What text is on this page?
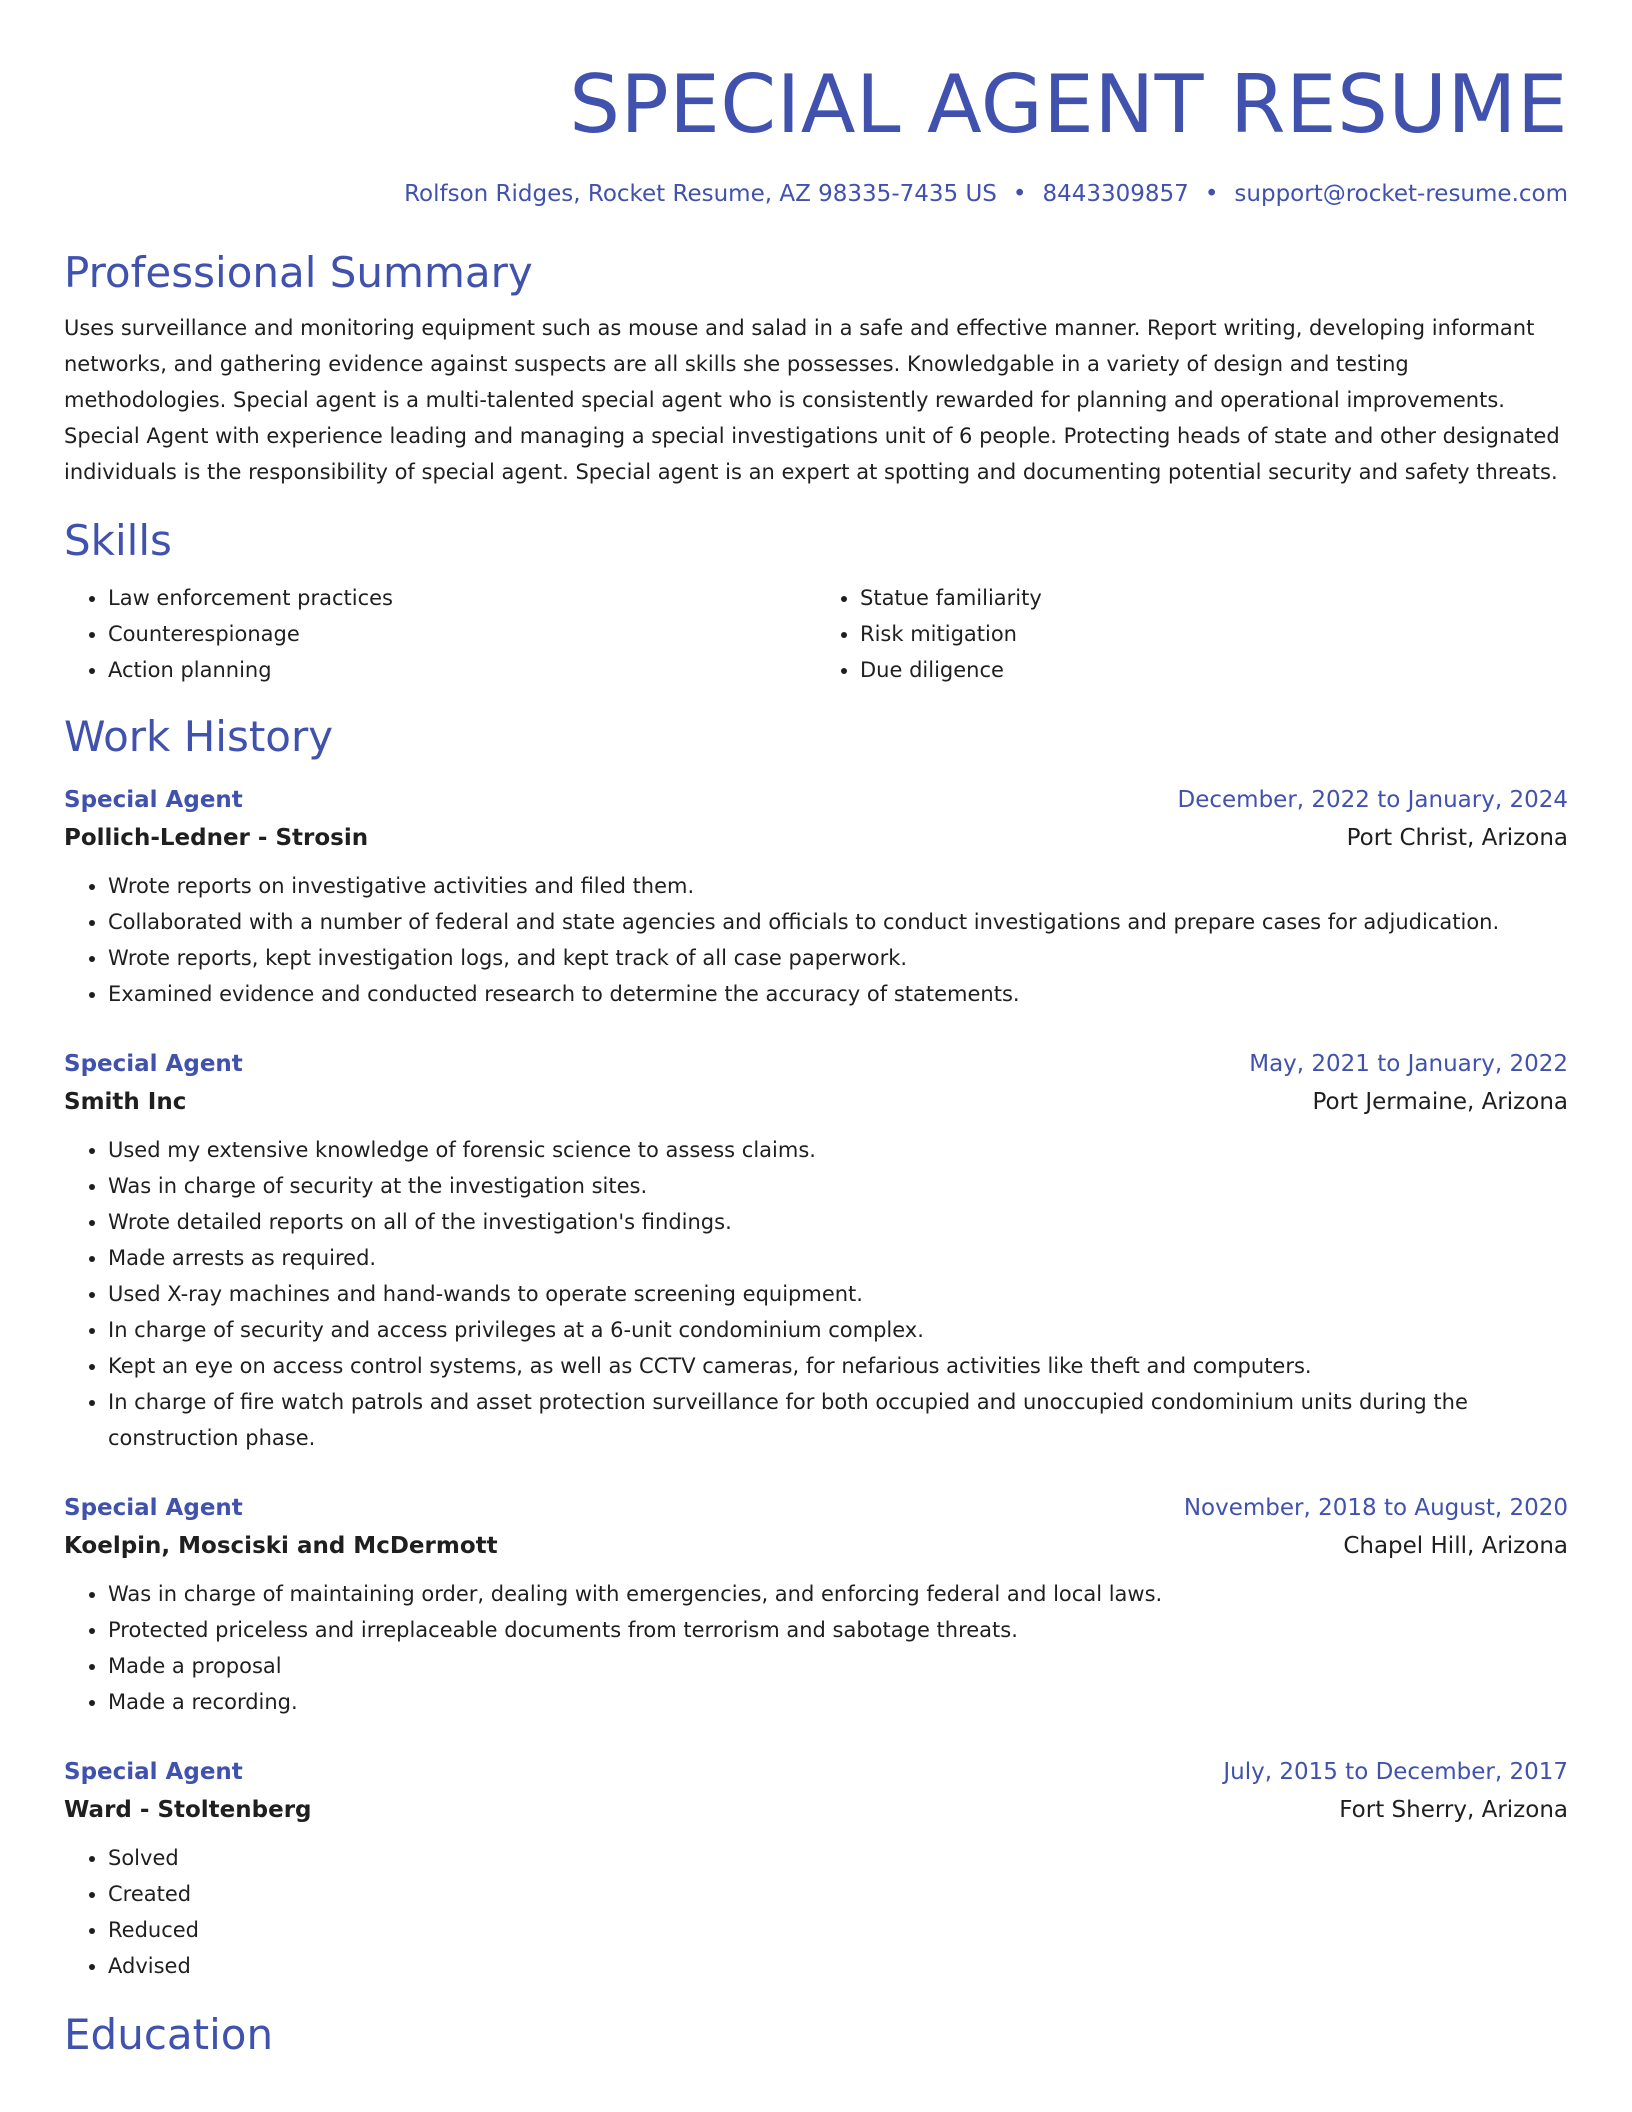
SPECIAL AGENT RESUME
Rolfson Ridges, Rocket Resume, AZ 98335-7435 US • 8443309857 • support@rocket-resume.com
Professional Summary
Uses surveillance and monitoring equipment such as mouse and salad in a safe and effective manner. Report writing, developing informant networks, and gathering evidence against suspects are all skills she possesses. Knowledgable in a variety of design and testing methodologies. Special agent is a multi-talented special agent who is consistently rewarded for planning and operational improvements. Special Agent with experience leading and managing a special investigations unit of 6 people. Protecting heads of state and other designated individuals is the responsibility of special agent. Special agent is an expert at spotting and documenting potential security and safety threats.
Skills
• Law enforcement practices
• Counterespionage
• Action planning
• Statue familiarity
• Risk mitigation
• Due diligence
Work History
Special Agent	December, 2022 to January, 2024
Pollich-Ledner - Strosin	Port Christ, Arizona
• Wrote reports on investigative activities and filed them.
• Collaborated with a number of federal and state agencies and officials to conduct investigations and prepare cases for adjudication.
• Wrote reports, kept investigation logs, and kept track of all case paperwork.
• Examined evidence and conducted research to determine the accuracy of statements.
Special Agent	May, 2021 to January, 2022
Smith Inc	Port Jermaine, Arizona
• Used my extensive knowledge of forensic science to assess claims.
• Was in charge of security at the investigation sites.
• Wrote detailed reports on all of the investigation's findings.
• Made arrests as required.
• Used X-ray machines and hand-wands to operate screening equipment.
• In charge of security and access privileges at a 6-unit condominium complex.
• Kept an eye on access control systems, as well as CCTV cameras, for nefarious activities like theft and computers.
• In charge of fire watch patrols and asset protection surveillance for both occupied and unoccupied condominium units during the construction phase.
Special Agent	November, 2018 to August, 2020
Koelpin, Mosciski and McDermott	Chapel Hill, Arizona
• Was in charge of maintaining order, dealing with emergencies, and enforcing federal and local laws.
• Protected priceless and irreplaceable documents from terrorism and sabotage threats.
• Made a proposal
• Made a recording.
Special Agent	July, 2015 to December, 2017
Ward - Stoltenberg	Fort Sherry, Arizona
• Solved
• Created
• Reduced
• Advised
Education
